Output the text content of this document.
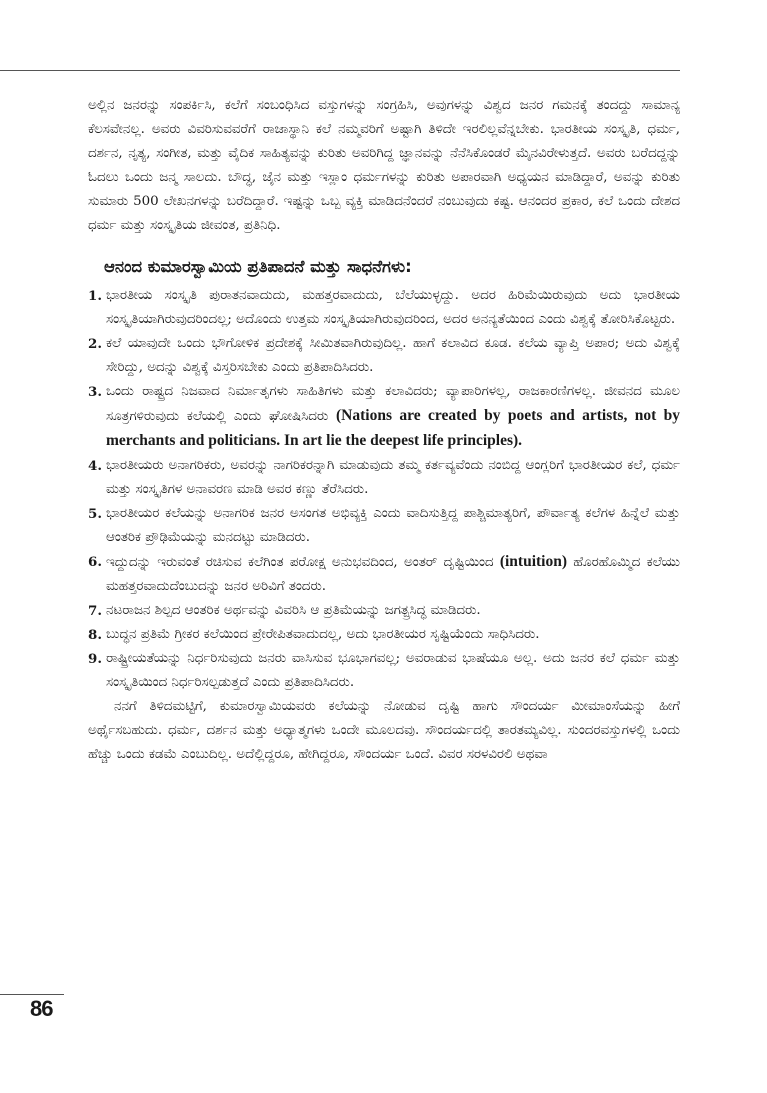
ಅಲ್ಲಿನ ಜನರನ್ನು ಸಂಪರ್ಕಿಸಿ, ಕಲೆಗೆ ಸಂಬಂಧಿಸಿದ ವಸ್ತುಗಳನ್ನು ಸಂಗ್ರಹಿಸಿ, ಅವುಗಳನ್ನು ವಿಶ್ವದ ಜನರ ಗಮನಕ್ಕೆ ತಂದದ್ದು ಸಾಮಾನ್ಯ ಕೆಲಸವೇನಲ್ಲ. ಅವರು ವಿವರಿಸುವವರೆಗೆ ರಾಜಾಸ್ಥಾನಿ ಕಲೆ ನಮ್ಮವರಿಗೆ ಅಷ್ಟಾಗಿ ತಿಳಿದೇ ಇರಲಿಲ್ಲವೆನ್ನಬೇಕು. ಭಾರತೀಯ ಸಂಸ್ಕೃತಿ, ಧರ್ಮ, ದರ್ಶನ, ನೃತ್ಯ, ಸಂಗೀತ, ಮತ್ತು ವೈದಿಕ ಸಾಹಿತ್ಯವನ್ನು ಕುರಿತು ಅವರಿಗಿದ್ದ ಜ್ಞಾನವನ್ನು ನೆನೆಸಿಕೊಂಡರೆ ಮೈನವಿರೇಳುತ್ತದೆ. ಅವರು ಬರೆದದ್ದನ್ನು ಓದಲು ಒಂದು ಜನ್ಮ ಸಾಲದು. ಬೌದ್ಧ, ಜೈನ ಮತ್ತು ಇಸ್ಲಾಂ ಧರ್ಮಗಳನ್ನು ಕುರಿತು ಅಪಾರವಾಗಿ ಅಧ್ಯಯನ ಮಾಡಿದ್ದಾರೆ, ಅವನ್ನು ಕುರಿತು ಸುಮಾರು 500 ಲೇಖನಗಳನ್ನು ಬರೆದಿದ್ದಾರೆ. ಇಷ್ಟನ್ನು ಒಬ್ಬ ವ್ಯಕ್ತಿ ಮಾಡಿದನೆಂದರೆ ನಂಬುವುದು ಕಷ್ಟ. ಆನಂದರ ಪ್ರಕಾರ, ಕಲೆ ಒಂದು ದೇಶದ ಧರ್ಮ ಮತ್ತು ಸಂಸ್ಕೃತಿಯ ಜೀವಂತ, ಪ್ರತಿನಿಧಿ.

ಆನಂದ ಕುಮಾರಸ್ವಾಮಿಯ ಪ್ರತಿಪಾದನೆ ಮತ್ತು ಸಾಧನೆಗಳು:
1. ಭಾರತೀಯ ಸಂಸ್ಕೃತಿ ಪುರಾತನವಾದುದು, ಮಹತ್ತರವಾದುದು, ಬೆಲೆಯುಳ್ಳದ್ದು. ಅದರ ಹಿರಿಮೆಯಿರುವುದು ಅದು ಭಾರತೀಯ ಸಂಸ್ಕೃತಿಯಾಗಿರುವುದರಿಂದಲ್ಲ; ಅದೊಂದು ಉತ್ತಮ ಸಂಸ್ಕೃತಿಯಾಗಿರುವುದರಿಂದ, ಅದರ ಅನನ್ಯತೆಯಿಂದ ಎಂದು ವಿಶ್ವಕ್ಕೆ ತೋರಿಸಿಕೊಟ್ಟರು.
2. ಕಲೆ ಯಾವುದೇ ಒಂದು ಭೌಗೋಳಿಕ ಪ್ರದೇಶಕ್ಕೆ ಸೀಮಿತವಾಗಿರುವುದಿಲ್ಲ. ಹಾಗೆ ಕಲಾವಿದ ಕೂಡ. ಕಲೆಯ ವ್ಯಾಪ್ತಿ ಅಪಾರ; ಅದು ವಿಶ್ವಕ್ಕೆ ಸೇರಿದ್ದು, ಅದನ್ನು ವಿಶ್ವಕ್ಕೆ ವಿಸ್ತರಿಸಬೇಕು ಎಂದು ಪ್ರತಿಪಾದಿಸಿದರು.
3. ಒಂದು ರಾಷ್ಟ್ರದ ನಿಜವಾದ ನಿರ್ಮಾತೃಗಳು ಸಾಹಿತಿಗಳು ಮತ್ತು ಕಲಾವಿದರು; ವ್ಯಾಪಾರಿಗಳಲ್ಲ, ರಾಜಕಾರಣಿಗಳಲ್ಲ. ಜೀವನದ ಮೂಲ ಸೂತ್ರಗಳಿರುವುದು ಕಲೆಯಲ್ಲಿ ಎಂದು ಘೋಷಿಸಿದರು (Nations are created by poets and artists, not by merchants and politicians. In art lie the deepest life principles).
4. ಭಾರತೀಯರು ಅನಾಗರಿಕರು, ಅವರನ್ನು ನಾಗರಿಕರನ್ನಾಗಿ ಮಾಡುವುದು ತಮ್ಮ ಕರ್ತವ್ಯವೆಂದು ನಂಬಿದ್ದ ಆಂಗ್ಲರಿಗೆ ಭಾರತೀಯರ ಕಲೆ, ಧರ್ಮ ಮತ್ತು ಸಂಸ್ಕೃತಿಗಳ ಅನಾವರಣ ಮಾಡಿ ಅವರ ಕಣ್ಣು ತೆರೆಸಿದರು.
5. ಭಾರತೀಯರ ಕಲೆಯನ್ನು ಅನಾಗರಿಕ ಜನರ ಅಸಂಗತ ಅಭಿವ್ಯಕ್ತಿ ಎಂದು ವಾದಿಸುತ್ತಿದ್ದ ಪಾಶ್ಚಿಮಾತ್ಯರಿಗೆ, ಪೌರ್ವಾತ್ಯ ಕಲೆಗಳ ಹಿನ್ನೆಲೆ ಮತ್ತು ಆಂತರಿಕ ಪ್ರೌಢಿಮೆಯನ್ನು ಮನದಟ್ಟು ಮಾಡಿದರು.
6. ಇದ್ದುದನ್ನು ಇರುವಂತೆ ರಚಿಸುವ ಕಲೆಗಿಂತ ಪರೋಕ್ಷ ಅನುಭವದಿಂದ, ಅಂತರ್ ದೃಷ್ಟಿಯಿಂದ (intuition) ಹೊರಹೊಮ್ಮಿದ ಕಲೆಯು ಮಹತ್ತರವಾದುದೆಂಬುದನ್ನು ಜನರ ಅರಿವಿಗೆ ತಂದರು.
7. ನಟರಾಜನ ಶಿಲ್ಪದ ಆಂತರಿಕ ಅರ್ಥವನ್ನು ವಿವರಿಸಿ ಆ ಪ್ರತಿಮೆಯನ್ನು ಜಗತ್ಪ್ರಸಿದ್ಧ ಮಾಡಿದರು.
8. ಬುದ್ಧನ ಪ್ರತಿಮೆ ಗ್ರೀಕರ ಕಲೆಯಿಂದ ಪ್ರೇರೇಪಿತವಾದುದಲ್ಲ, ಅದು ಭಾರತೀಯರ ಸೃಷ್ಟಿಯೆಂದು ಸಾಧಿಸಿದರು.
9. ರಾಷ್ಟ್ರೀಯತೆಯನ್ನು ನಿರ್ಧರಿಸುವುದು ಜನರು ವಾಸಿಸುವ ಭೂಭಾಗವಲ್ಲ; ಅವರಾಡುವ ಭಾಷೆಯೂ ಅಲ್ಲ. ಅದು ಜನರ ಕಲೆ ಧರ್ಮ ಮತ್ತು ಸಂಸ್ಕೃತಿಯಿಂದ ನಿರ್ಧರಿಸಲ್ಪಡುತ್ತದೆ ಎಂದು ಪ್ರತಿಪಾದಿಸಿದರು.

ನನಗೆ ತಿಳಿದಮಟ್ಟಿಗೆ, ಕುಮಾರಸ್ವಾಮಿಯವರು ಕಲೆಯನ್ನು ನೋಡುವ ದೃಷ್ಟಿ ಹಾಗು ಸೌಂದರ್ಯ ಮೀಮಾಂಸೆಯನ್ನು ಹೀಗೆ ಅರ್ಥೈಸಬಹುದು. ಧರ್ಮ, ದರ್ಶನ ಮತ್ತು ಅಧ್ಯಾತ್ಮಗಳು ಒಂದೇ ಮೂಲದವು. ಸೌಂದರ್ಯದಲ್ಲಿ ತಾರತಮ್ಯವಿಲ್ಲ. ಸುಂದರವಸ್ತುಗಳಲ್ಲಿ ಒಂದು ಹೆಚ್ಚು ಒಂದು ಕಡಮೆ ಎಂಬುದಿಲ್ಲ. ಅದೆಲ್ಲಿದ್ದರೂ, ಹೇಗಿದ್ದರೂ, ಸೌಂದರ್ಯ ಒಂದೆ. ವಿವರ ಸರಳವಿರಲಿ ಅಥವಾ

86
